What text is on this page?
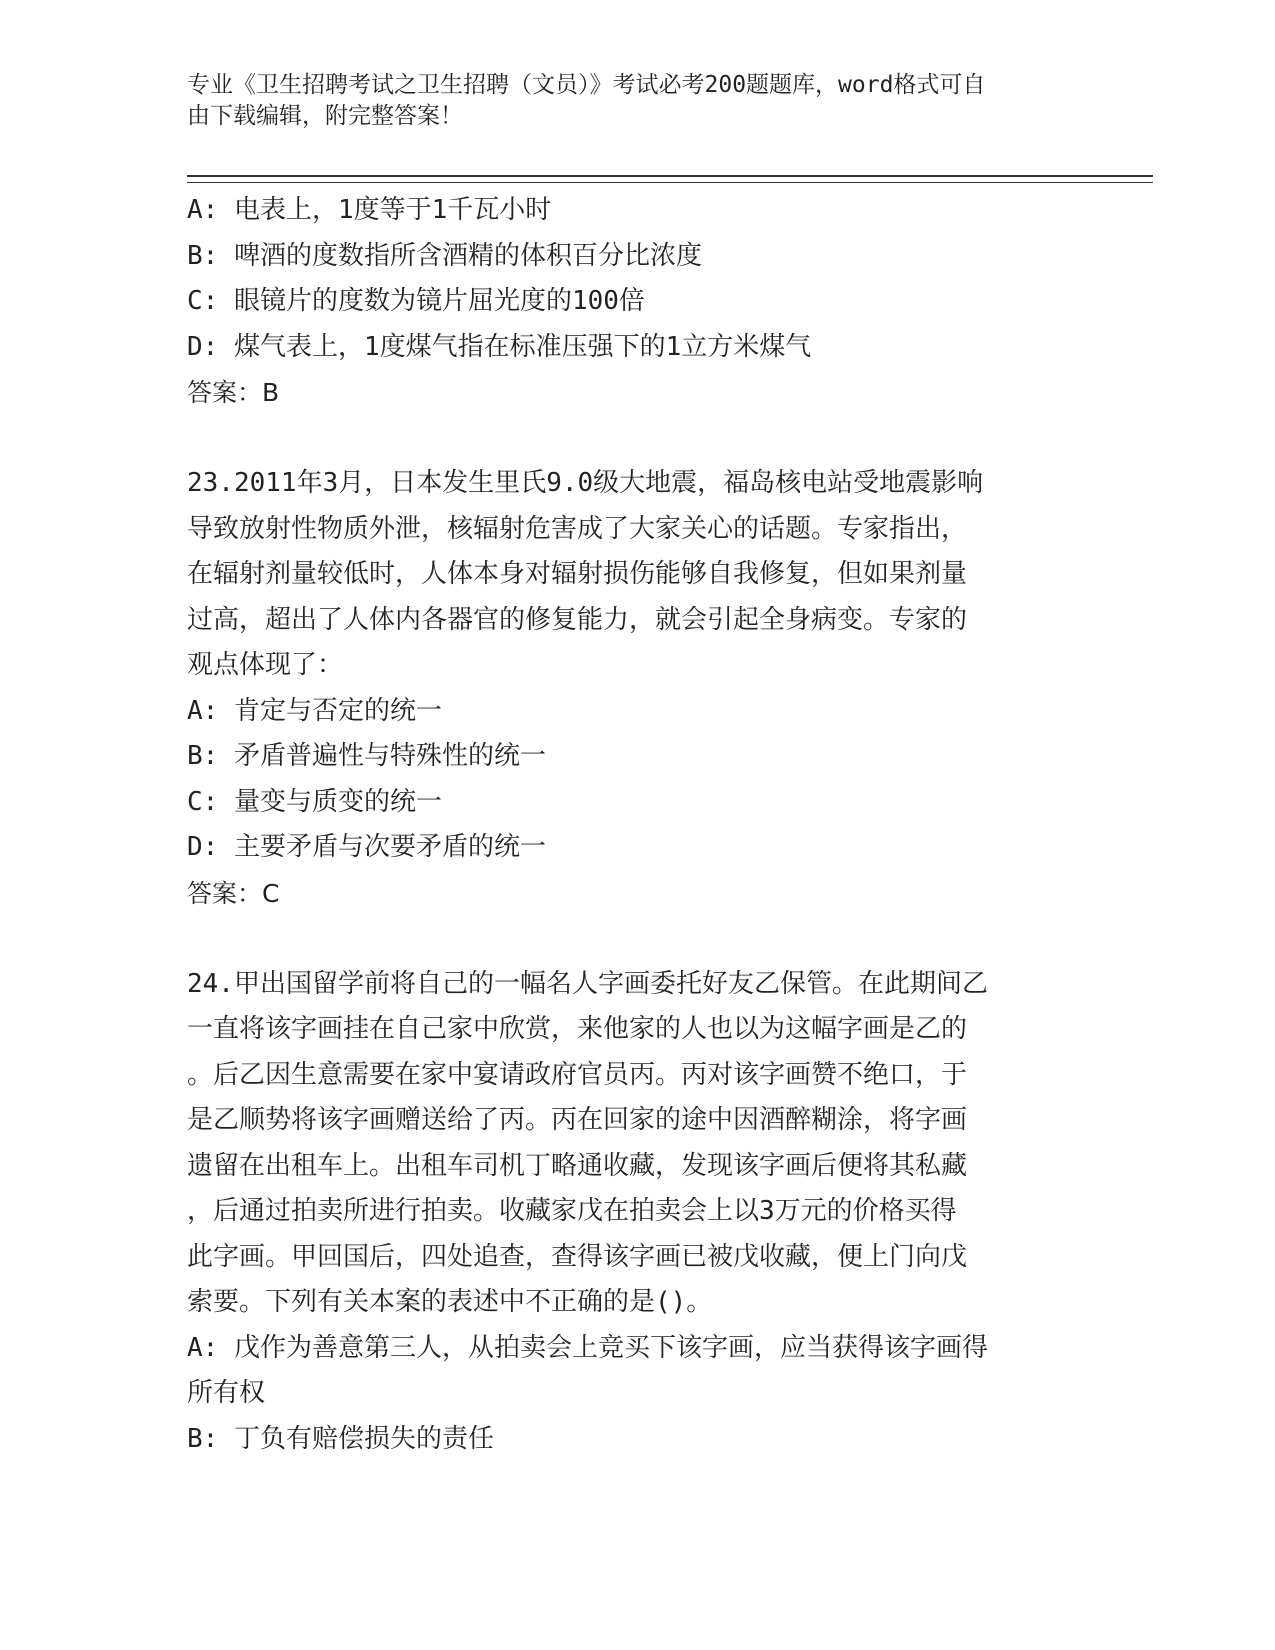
专业《卫生招聘考试之卫生招聘（文员）》考试必考200题题库，word格式可自
由下载编辑，附完整答案！
A: 电表上，1度等于1千瓦小时
B: 啤酒的度数指所含酒精的体积百分比浓度
C: 眼镜片的度数为镜片屈光度的100倍
D: 煤气表上，1度煤气指在标准压强下的1立方米煤气
答案：B
23.2011年3月，日本发生里氏9.0级大地震，福岛核电站受地震影响
导致放射性物质外泄，核辐射危害成了大家关心的话题。专家指出，
在辐射剂量较低时，人体本身对辐射损伤能够自我修复，但如果剂量
过高，超出了人体内各器官的修复能力，就会引起全身病变。专家的
观点体现了：
A: 肯定与否定的统一
B: 矛盾普遍性与特殊性的统一
C: 量变与质变的统一
D: 主要矛盾与次要矛盾的统一
答案：C
24.甲出国留学前将自己的一幅名人字画委托好友乙保管。在此期间乙
一直将该字画挂在自己家中欣赏，来他家的人也以为这幅字画是乙的
。后乙因生意需要在家中宴请政府官员丙。丙对该字画赞不绝口，于
是乙顺势将该字画赠送给了丙。丙在回家的途中因酒醉糊涂，将字画
遗留在出租车上。出租车司机丁略通收藏，发现该字画后便将其私藏
，后通过拍卖所进行拍卖。收藏家戊在拍卖会上以3万元的价格买得
此字画。甲回国后，四处追查，查得该字画已被戊收藏，便上门向戊
索要。下列有关本案的表述中不正确的是()。
A: 戊作为善意第三人，从拍卖会上竞买下该字画，应当获得该字画得
所有权
B: 丁负有赔偿损失的责任
